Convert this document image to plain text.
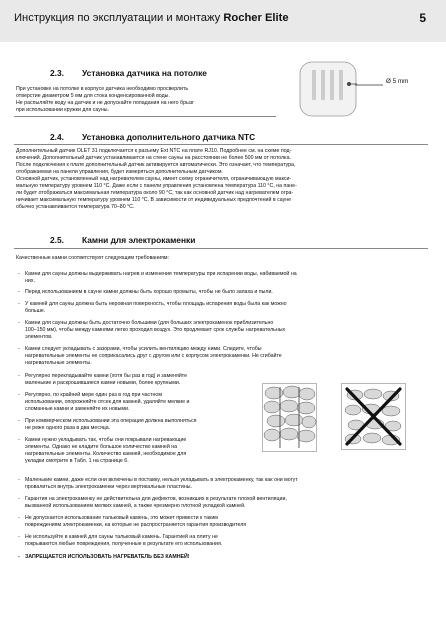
Инструкция по эксплуатации и монтажу Rocher Elite	5
2.3. Установка датчика на потолке
При установке на потолке в корпусе датчика необходимо просверлить
отверстие диаметром 5 мм для стока конденсированной воды.
Не распыляйте воду на датчик и не допускайте попадания на него брызг
при использовании кружки для сауны.
Ø 5 mm
2.4. Установка дополнительного датчика NTC
Дополнительный датчик OLET 31 подключается к разъему Ext NTC на плате RJ10. Подробнее см. на схеме под-
ключений. Дополнительный датчик устанавливается на стене сауны на расстоянии не более 500 мм от потолка.
После подключения к плате дополнительный датчик активируется автоматически. Это означает, что температура,
отображаемая на панели управления, будет измеряться дополнительным датчиком.
Основной датчик, установленный над нагревателем сауны, имеет схему ограничителя, ограничивающую макси-
мальную температуру уровнем 110 °C. Даже если с панели управления установлена температура 110 °C, на пане-
ли будет отображаться максимальная температура около 90 °C, так как основной датчик над нагревателем огра-
ничивает максимальную температуру уровнем 110 °C. В зависимости от индивидуальных предпочтений в сауне
обычно устанавливается температура 70–80 °C.
2.5. Камни для электрокаменки
Качественные камни соответствуют следующим требованиям:
- Камни для сауны должны выдерживать нагрев и изменения температуры при испарении воды, набиваемой на
них.
- Перед использованием в сауне камни должны быть хорошо промыты, чтобы не было запаха и пыли.
- У камней для сауны должна быть неровная поверхность, чтобы площадь испарения воды была как можно
больше.
- Камни для сауны должны быть достаточно большими (для больших электрокаменок приблизительно
100–150 мм), чтобы между камнями легко проходил воздух. Это продлевает срок службы нагревательных
элементов.
- Камни следует укладывать с зазорами, чтобы усилить вентиляцию между ними. Следите, чтобы
нагревательные элементы не соприкасались друг с другом или с корпусом электрокаменки. Не сгибайте
нагревательные элементы.
- Регулярно перекладывайте камни (хотя бы раз в год) и заменяйте
маленькие и раскрошившиеся камни новыми, более крупными.
- Регулярно, по крайней мере один раз в год при частном
использовании, опорожняйте отсек для камней, удаляйте мелкие и
сломанные камни и заменяйте их новыми.
- При коммерческом использовании эта операция должна выполняться
не реже одного раза в два месяца.
- Камни нужно укладывать так, чтобы они покрывали нагревающие
элементы. Однако не кладите большое количество камней на
нагревательные элементы. Количество камней, необходимое для
укладки смотрите в Табл. 1 на странице 6.
- Маленькие камни, даже если они включены в поставку, нельзя укладывать в электрокаменку, так как они могут
провалиться внутрь электрокаменки через вертикальные пластины.
- Гарантия на электрокаменку не действительна для дефектов, возникших в результате плохой вентиляции,
вызванной использованием мелких камней, а также чрезмерно плотной укладкой камней.
- Не допускается использование тальковый камень, это может привести к таким
повреждениям электрокаменки, на которые не распространяется гарантия производителя
- Не используйте в камней для сауны тальковый камень. Гарантией на плиту не
покрываются любые повреждения, полученные в результате его использования.
- ЗАПРЕЩАЕТСЯ ИСПОЛЬЗОВАТЬ НАГРЕВАТЕЛЬ БЕЗ КАМНЕЙ!
